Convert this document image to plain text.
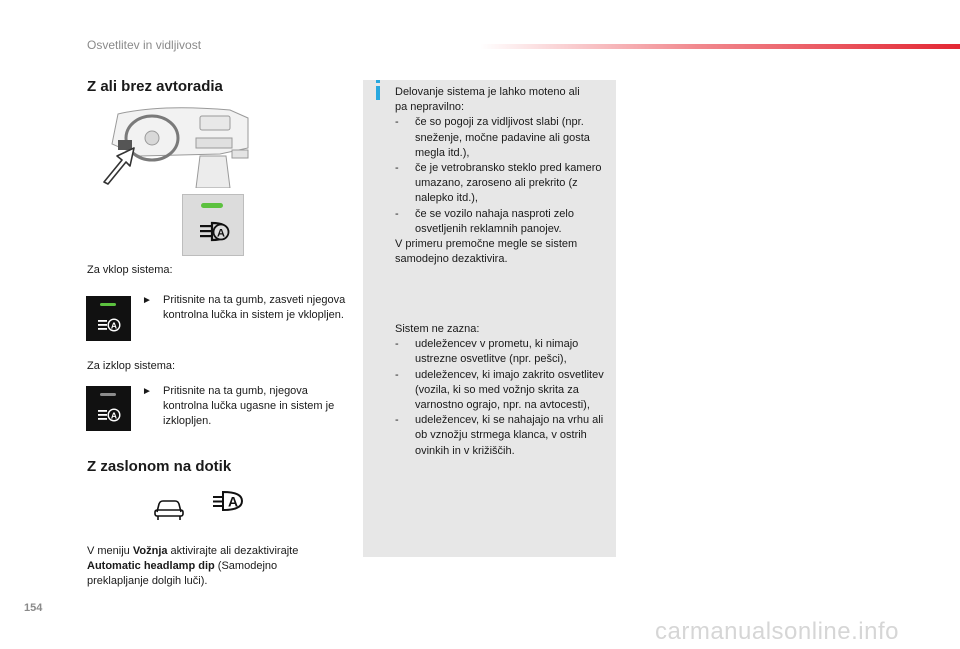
Osvetlitev in vidljivost
Z ali brez avtoradia
A
Za vklop sistema:
A
► Pritisnite na ta gumb, zasveti njegova kontrolna lučka in sistem je vklopljen.
Za izklop sistema:
A
► Pritisnite na ta gumb, njegova kontrolna lučka ugasne in sistem je izklopljen.
Z zaslonom na dotik
A
V meniju Vožnja aktivirajte ali dezaktivirajte Automatic headlamp dip (Samodejno preklapljanje dolgih luči).
Delovanje sistema je lahko moteno ali
pa nepravilno:
-	če so pogoji za vidljivost slabi (npr. sneženje, močne padavine ali gosta megla itd.),
-	če je vetrobransko steklo pred kamero umazano, zaroseno ali prekrito (z nalepko itd.),
-	če se vozilo nahaja nasproti zelo osvetljenih reklamnih panojev.
V primeru premočne megle se sistem samodejno dezaktivira.
Sistem ne zazna:
-	udeležencev v prometu, ki nimajo ustrezne osvetlitve (npr. pešci),
-	udeležencev, ki imajo zakrito osvetlitev (vozila, ki so med vožnjo skrita za varnostno ograjo, npr. na avtocesti),
-	udeležencev, ki se nahajajo na vrhu ali ob vznožju strmega klanca, v ostrih ovinkih in v križiščih.
154
carmanualsonline.info
